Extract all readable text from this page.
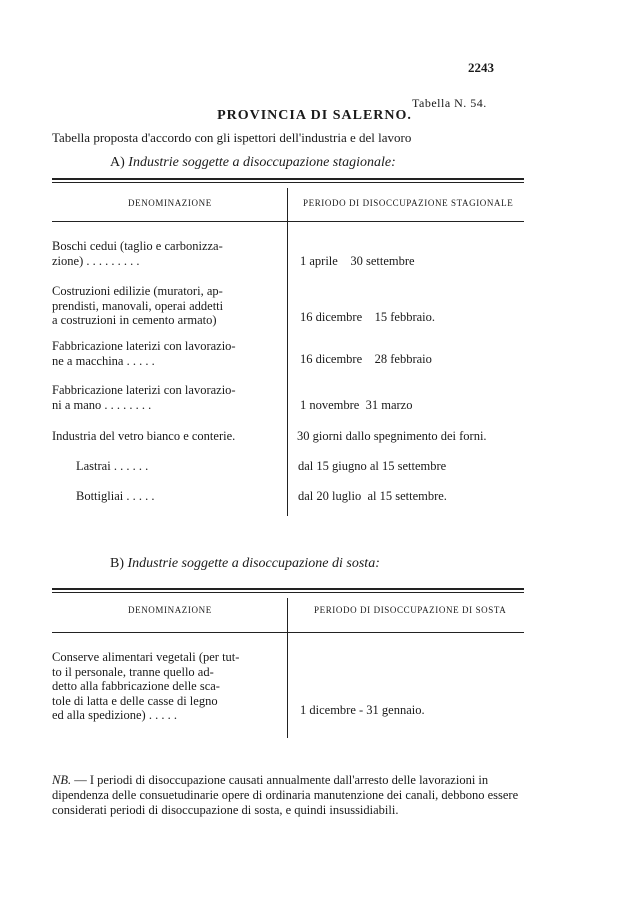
2243
Tabella N. 54.
PROVINCIA DI SALERNO.
Tabella proposta d'accordo con gli ispettori dell'industria e del lavoro
A) Industrie soggette a disoccupazione stagionale:
DENOMINAZIONE	PERIODO DI DISOCCUPAZIONE STAGIONALE
Boschi cedui (taglio e carbonizza-
zione) . . . . . . . . .	1 aprile    30 settembre
Costruzioni edilizie (muratori, ap-
prendisti, manovali, operai addetti
a costruzioni in cemento armato)	16 dicembre    15 febbraio.
Fabbricazione laterizi con lavorazio-
ne a macchina . . . . .	16 dicembre    28 febbraio
Fabbricazione laterizi con lavorazio-
ni a mano . . . . . . . .	1 novembre  31 marzo
Industria del vetro bianco e conterie.	30 giorni dallo spegnimento dei forni.
Lastrai . . . . . .	dal 15 giugno al 15 settembre
Bottigliai . . . . .	dal 20 luglio  al 15 settembre.
B) Industrie soggette a disoccupazione di sosta:
DENOMINAZIONE	PERIODO DI DISOCCUPAZIONE DI SOSTA
Conserve alimentari vegetali (per tut-
to il personale, tranne quello ad-
detto alla fabbricazione delle sca-
tole di latta e delle casse di legno
ed alla spedizione) . . . . .	1 dicembre - 31 gennaio.
NB. — I periodi di disoccupazione causati annualmente dall'arresto delle lavorazioni in dipendenza delle consuetudinarie opere di ordinaria manutenzione dei canali, debbono essere considerati periodi di disoccupazione di sosta, e quindi insussidiabili.
